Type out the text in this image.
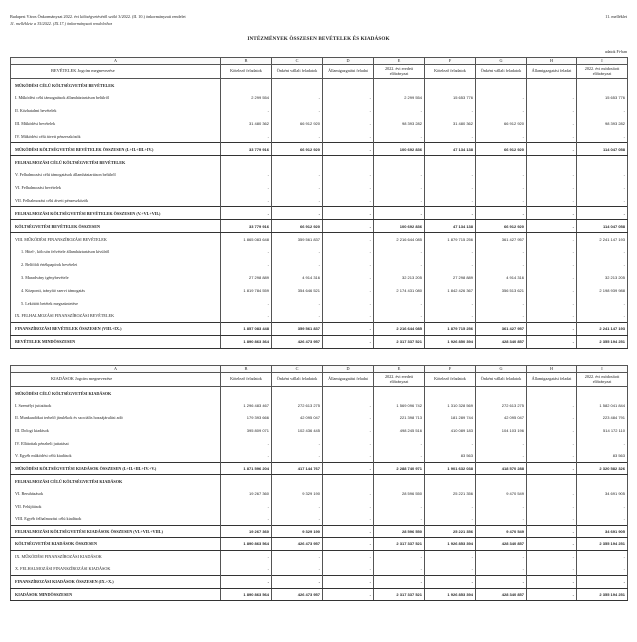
Budapest Város Önkormányzat 2022. évi költségvetéséről szóló 3/2022. (II. 10.) önkormányzati rendelet
11. melléklete a 35/2022. (IX.17.) önkormányzati rendelethez
11. melléklet
INTÉZMÉNYEK ÖSSZESEN BEVÉTELEK ÉS KIADÁSOK
adatok Ft-ban
A	B	C	D	E	F	G	H	I
BEVÉTELEK Jogcím megnevezése	Kötelező feladatok	Önként vállalt feladatok	Államigazgatási feladat	2022. évi eredeti előirányzat	Kötelező feladatok	Önként vállalt feladatok	Államigazgatási feladat	2022. évi módosított előirányzat
MŰKÖDÉSI CÉLÚ KÖLTSÉGVETÉSI BEVÉTELEK								
I. Működési célú támogatások államháztartáson belülről	2 299 554	-	-	2 299 554	15 653 776	-	-	15 653 776
II. Közhatalmi bevételek	-	-	-	-	-	-	-	-
III. Működési bevételek	31 480 362	66 912 920	-	98 393 282	31 480 362	66 912 920	-	98 393 282
IV. Működési célú átvett pénzeszközök	-	-	-	-	-	-	-	-
MŰKÖDÉSI KÖLTSÉGVETÉSI BEVÉTELEK ÖSSZESEN (I.+II.+III.+IV.)	33 779 916	66 912 920	-	100 692 836	47 134 138	66 912 920	-	114 047 058
FELHALMOZÁSI CÉLÚ KÖLTSÉGVETÉSI BEVÉTELEK								
V. Felhalmozási célú támogatások államháztartáson belülről	-	-	-	-	-	-	-	-
VI. Felhalmozási bevételek	-	-	-	-	-	-	-	-
VII. Felhalmozási célú átvett pénzeszközök	-	-	-	-	-	-	-	-
FELHALMOZÁSI KÖLTSÉGVETÉSI BEVÉTELEK ÖSSZESEN (V.+VI.+VII.)	-	-	-	-	-	-	-	-
KÖLTSÉGVETÉSI BEVÉTELEK ÖSSZESEN	33 779 916	66 912 920	-	100 692 836	47 134 138	66 912 920	-	114 047 058
VIII. MŰKÖDÉSI FINANSZÍROZÁSI BEVÉTELEK	1 865 083 648	359 561 837	-	2 216 644 085	1 879 715 256	361 427 957	-	2 241 147 193
1. Hitel-, kölcsön felvétele államháztartáson kívülről	-	-	-	-	-	-	-	-
2. Belföldi értékpapírok bevételei	-	-	-	-	-	-	-	-
3. Maradvány igénybevétele	27 298 889	4 914 316	-	32 213 205	27 298 889	4 914 316	-	32 213 205
4. Központi, irányító szervi támogatás	1 819 784 559	354 646 521	-	2 174 431 080	1 842 426 367	356 513 621	-	2 198 939 988
5. Lekötött betétek megszüntetése	-	-	-	-	-	-	-	-
IX. FELHALMOZÁSI FINANSZÍROZÁSI BEVÉTELEK	-	-	-	-	-	-	-	-
FINANSZÍROZÁSI BEVÉTELEK ÖSSZESEN (VIII.+IX.)	1 857 083 448	359 561 837	-	2 216 644 085	1 879 715 256	361 427 957	-	2 241 147 193
BEVÉTELEK MINDÖSSZESEN	1 890 863 364	426 473 957	-	2 317 337 521	1 926 850 394	428 340 857	-	2 355 194 251
A	B	C	D	E	F	G	H	I
KIADÁSOK Jogcím megnevezése	Kötelező feladatok	Önként vállalt feladatok	Államigazgatási feladat	2022. évi eredeti előirányzat	Kötelező feladatok	Önként vállalt feladatok	Államigazgatási feladat	2022. évi módosított előirányzat
MŰKÖDÉSI CÉLÚ KÖLTSÉGVETÉSI KIADÁSOK								
I. Személyi juttatások	1 296 483 467	272 613 275	-	1 569 096 742	1 310 328 569	272 613 275	-	1 582 041 844
II. Munkaadókat terhelő járulékok és szociális hozzájárulási adó	179 393 666	42 095 047	-	221 398 713	181 289 744	42 095 047	-	223 484 791
III. Dologi kiadások	395 809 071	102 436 445	-	498 245 516	410 089 183	104 103 196	-	514 172 110
IV. Ellátottak pénzbeli juttatásai	-	-	-	-	-	-	-	-
V. Egyéb működési célú kiadások	-	-	-	-	83 563	-	-	83 563
MŰKÖDÉSI KÖLTSÉGVETÉSI KIADÁSOK ÖSSZESEN (I.+II.+III.+IV.+V.)	1 871 596 204	417 144 767	-	2 288 740 971	1 901 632 038	418 570 288	-	2 320 582 326
FELHALMOZÁSI CÉLÚ KÖLTSÉGVETÉSI KIADÁSOK								
VI. Beruházások	19 267 360	9 329 190	-	28 596 550	25 221 356	9 470 549	-	34 691 905
VII. Felújítások	-	-	-	-	-	-	-	-
VIII. Egyéb felhalmozási célú kiadások	-	-	-	-	-	-	-	-
FELHALMOZÁSI KÖLTSÉGVETÉSI KIADÁSOK ÖSSZESEN (VI.+VII.+VIII.)	19 267 360	9 329 190	-	28 596 550	25 221 356	9 470 549	-	34 691 905
KÖLTSÉGVETÉSI KIADÁSOK ÖSSZESEN	1 890 863 564	426 473 957	-	2 317 337 521	1 926 853 394	428 340 857	-	2 355 194 251
IX. MŰKÖDÉSI FINANSZÍROZÁSI KIADÁSOK	-	-	-	-	-	-	-	-
X. FELHALMOZÁSI FINANSZÍROZÁSI KIADÁSOK	-	-	-	-	-	-	-	-
FINANSZÍROZÁSI KIADÁSOK ÖSSZESEN (IX.+X.)	-	-	-	-	-	-	-	-
KIADÁSOK MINDÖSSZESEN	1 890 863 564	426 473 957	-	2 317 337 521	1 926 853 394	428 340 857	-	2 355 194 251
